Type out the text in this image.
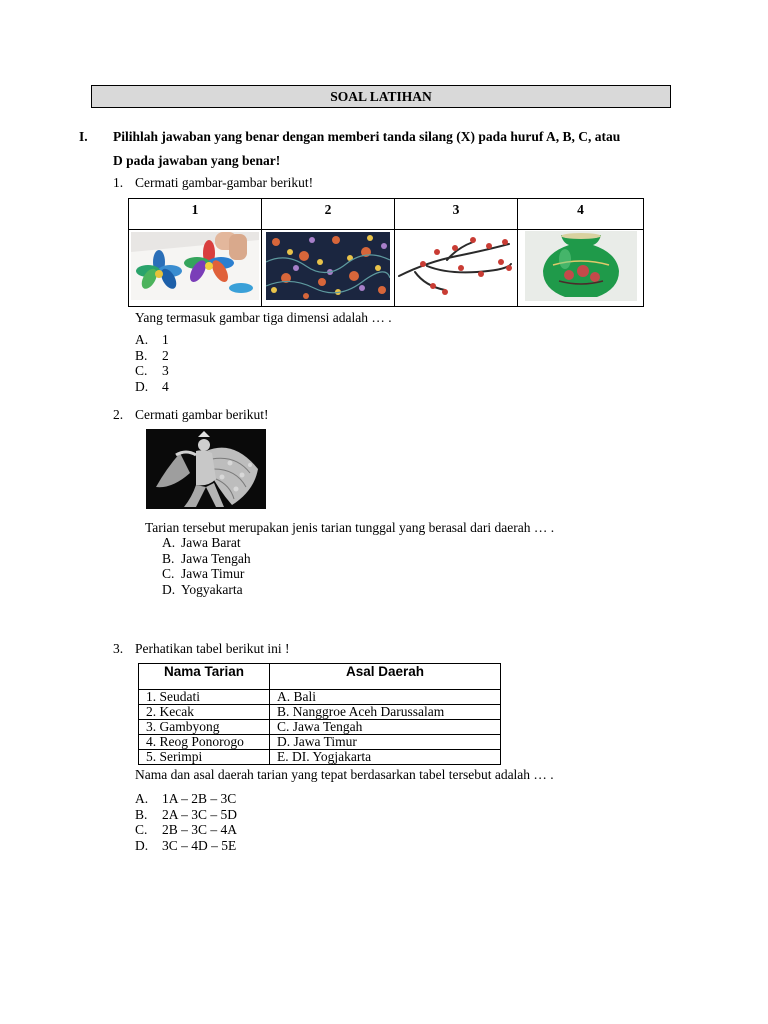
SOAL LATIHAN
I. Pilihlah jawaban yang benar dengan memberi tanda silang (X) pada huruf A, B, C, atau
D pada jawaban yang benar!
1. Cermati gambar-gambar berikut!
1	2	3	4

Yang termasuk gambar tiga dimensi adalah … .
A. 1
B. 2
C. 3
D. 4
2. Cermati gambar berikut!
Tarian tersebut merupakan jenis tarian tunggal yang berasal dari daerah … .
A. Jawa Barat
B. Jawa Tengah
C. Jawa Timur
D. Yogyakarta
3. Perhatikan tabel berikut ini !
Nama Tarian	Asal Daerah
1. Seudati	A. Bali
2. Kecak	B. Nanggroe Aceh Darussalam
3. Gambyong	C. Jawa Tengah
4. Reog Ponorogo	D. Jawa Timur
5. Serimpi	E. DI. Yogjakarta
Nama dan asal daerah tarian yang tepat berdasarkan tabel tersebut adalah … .
A. 1A – 2B – 3C
B. 2A – 3C – 5D
C. 2B – 3C – 4A
D. 3C – 4D – 5E
